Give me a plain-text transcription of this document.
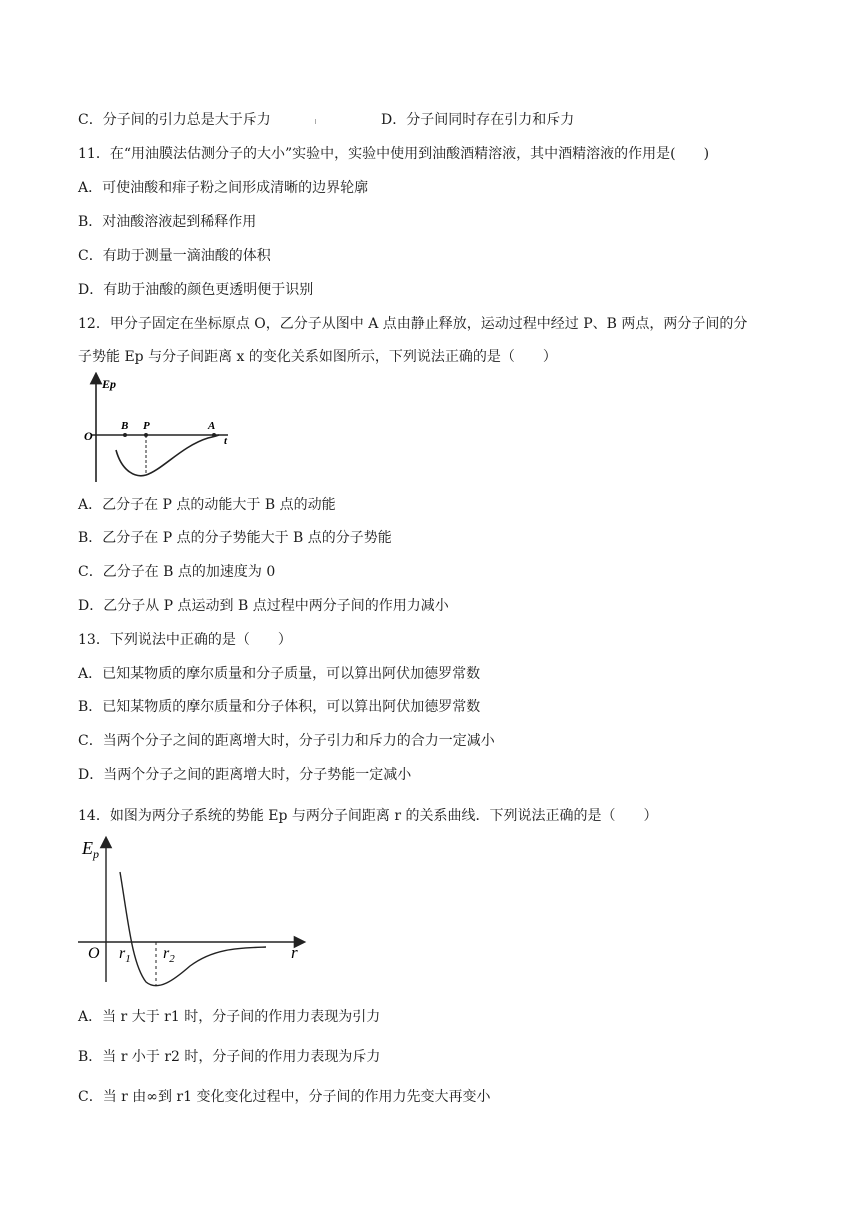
C．分子间的引力总是大于斥力	D．分子间同时存在引力和斥力
11．在“用油膜法估测分子的大小”实验中，实验中使用到油酸酒精溶液，其中酒精溶液的作用是(　　)
A．可使油酸和痱子粉之间形成清晰的边界轮廓
B．对油酸溶液起到稀释作用
C．有助于测量一滴油酸的体积
D．有助于油酸的颜色更透明便于识别
12．甲分子固定在坐标原点 O，乙分子从图中 A 点由静止释放，运动过程中经过 P、B 两点，两分子间的分
子势能 Ep 与分子间距离 x 的变化关系如图所示，下列说法正确的是（　　）
Ep
O	t
B P	A
A．乙分子在 P 点的动能大于 B 点的动能
B．乙分子在 P 点的分子势能大于 B 点的分子势能
C．乙分子在 B 点的加速度为 0
D．乙分子从 P 点运动到 B 点过程中两分子间的作用力减小
13．下列说法中正确的是（　　）
A．已知某物质的摩尔质量和分子质量，可以算出阿伏加德罗常数
B．已知某物质的摩尔质量和分子体积，可以算出阿伏加德罗常数
C．当两个分子之间的距离增大时，分子引力和斥力的合力一定减小
D．当两个分子之间的距离增大时，分子势能一定减小
14．如图为两分子系统的势能 Ep 与两分子间距离 r 的关系曲线．下列说法正确的是（　　）
$E_p$
O	r
$r_1$ $r_2$
A．当 r 大于 r1 时，分子间的作用力表现为引力
B．当 r 小于 r2 时，分子间的作用力表现为斥力
C．当 r 由∞到 r1 变化变化过程中，分子间的作用力先变大再变小
